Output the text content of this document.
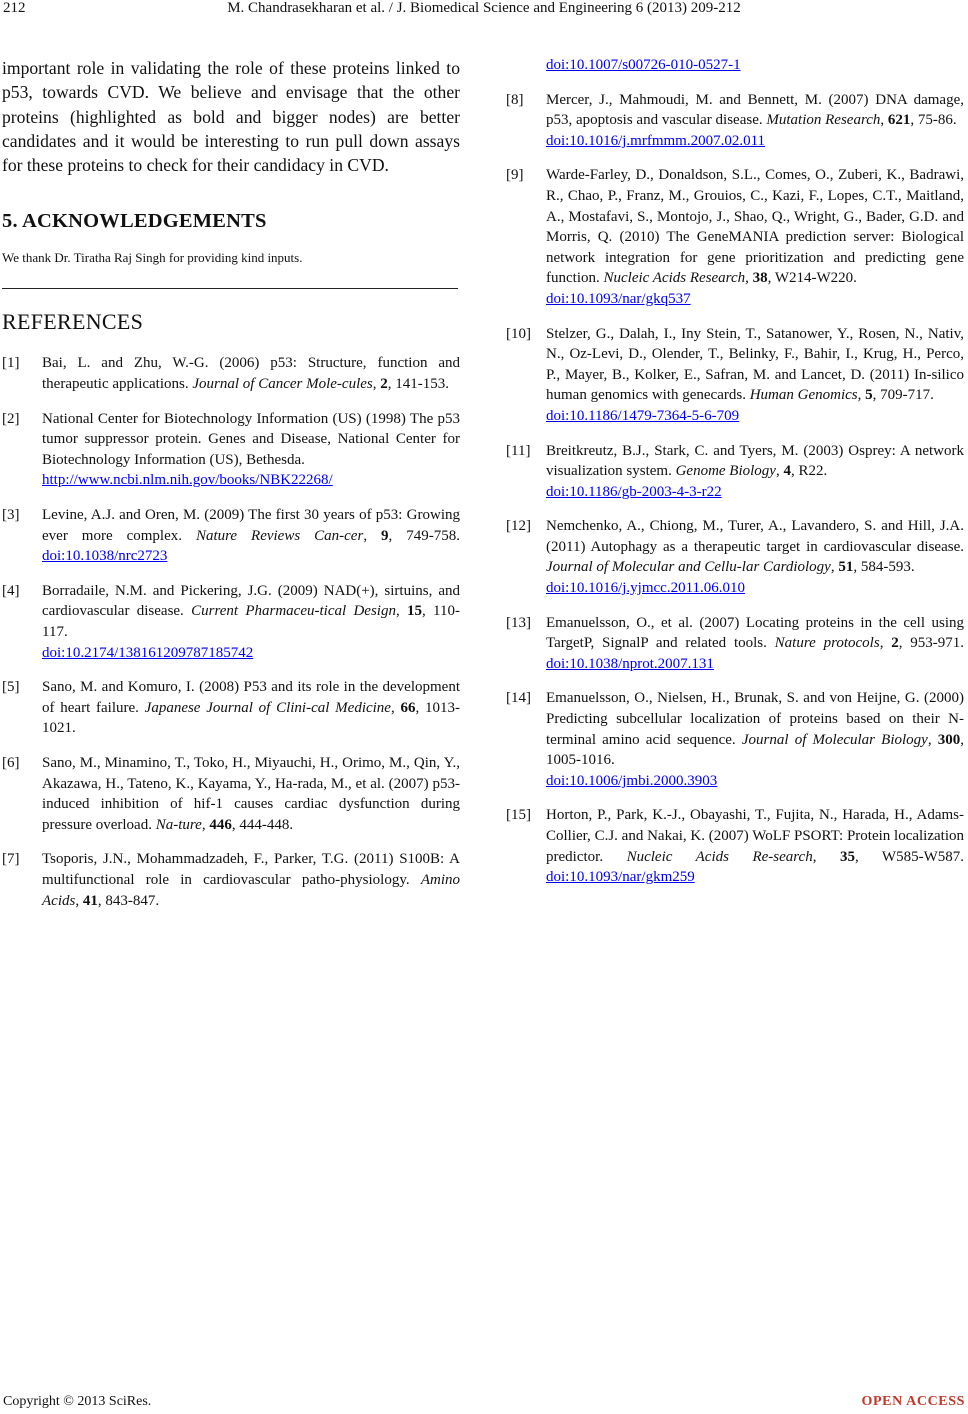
212	M. Chandrasekharan et al. / J. Biomedical Science and Engineering 6 (2013) 209-212

important role in validating the role of these proteins linked to p53, towards CVD. We believe and envisage that the other proteins (highlighted as bold and bigger nodes) are better candidates and it would be interesting to run pull down assays for these proteins to check for their candidacy in CVD.

5. ACKNOWLEDGEMENTS

We thank Dr. Tiratha Raj Singh for providing kind inputs.

REFERENCES
[1] Bai, L. and Zhu, W.-G. (2006) p53: Structure, function and therapeutic applications. Journal of Cancer Mole-cules, 2, 141-153.
[2] National Center for Biotechnology Information (US) (1998) The p53 tumor suppressor protein. Genes and Disease, National Center for Biotechnology Information (US), Bethesda.
http://www.ncbi.nlm.nih.gov/books/NBK22268/
[3] Levine, A.J. and Oren, M. (2009) The first 30 years of p53: Growing ever more complex. Nature Reviews Can-cer, 9, 749-758. doi:10.1038/nrc2723
[4] Borradaile, N.M. and Pickering, J.G. (2009) NAD(+), sirtuins, and cardiovascular disease. Current Pharmaceu-tical Design, 15, 110-117.
doi:10.2174/138161209787185742
[5] Sano, M. and Komuro, I. (2008) P53 and its role in the development of heart failure. Japanese Journal of Clini-cal Medicine, 66, 1013-1021.
[6] Sano, M., Minamino, T., Toko, H., Miyauchi, H., Orimo, M., Qin, Y., Akazawa, H., Tateno, K., Kayama, Y., Ha-rada, M., et al. (2007) p53-induced inhibition of hif-1 causes cardiac dysfunction during pressure overload. Na-ture, 446, 444-448.
[7] Tsoporis, J.N., Mohammadzadeh, F., Parker, T.G. (2011) S100B: A multifunctional role in cardiovascular patho-physiology. Amino Acids, 41, 843-847.
doi:10.1007/s00726-010-0527-1
[8] Mercer, J., Mahmoudi, M. and Bennett, M. (2007) DNA damage, p53, apoptosis and vascular disease. Mutation Research, 621, 75-86.
doi:10.1016/j.mrfmmm.2007.02.011
[9] Warde-Farley, D., Donaldson, S.L., Comes, O., Zuberi, K., Badrawi, R., Chao, P., Franz, M., Grouios, C., Kazi, F., Lopes, C.T., Maitland, A., Mostafavi, S., Montojo, J., Shao, Q., Wright, G., Bader, G.D. and Morris, Q. (2010) The GeneMANIA prediction server: Biological network integration for gene prioritization and predicting gene function. Nucleic Acids Research, 38, W214-W220.
doi:10.1093/nar/gkq537
[10] Stelzer, G., Dalah, I., Iny Stein, T., Satanower, Y., Rosen, N., Nativ, N., Oz-Levi, D., Olender, T., Belinky, F., Bahir, I., Krug, H., Perco, P., Mayer, B., Kolker, E., Safran, M. and Lancet, D. (2011) In-silico human genomics with genecards. Human Genomics, 5, 709-717.
doi:10.1186/1479-7364-5-6-709
[11] Breitkreutz, B.J., Stark, C. and Tyers, M. (2003) Osprey: A network visualization system. Genome Biology, 4, R22.
doi:10.1186/gb-2003-4-3-r22
[12] Nemchenko, A., Chiong, M., Turer, A., Lavandero, S. and Hill, J.A. (2011) Autophagy as a therapeutic target in cardiovascular disease. Journal of Molecular and Cellu-lar Cardiology, 51, 584-593.
doi:10.1016/j.yjmcc.2011.06.010
[13] Emanuelsson, O., et al. (2007) Locating proteins in the cell using TargetP, SignalP and related tools. Nature protocols, 2, 953-971. doi:10.1038/nprot.2007.131
[14] Emanuelsson, O., Nielsen, H., Brunak, S. and von Heijne, G. (2000) Predicting subcellular localization of proteins based on their N-terminal amino acid sequence. Journal of Molecular Biology, 300, 1005-1016.
doi:10.1006/jmbi.2000.3903
[15] Horton, P., Park, K.-J., Obayashi, T., Fujita, N., Harada, H., Adams-Collier, C.J. and Nakai, K. (2007) WoLF PSORT: Protein localization predictor. Nucleic Acids Re-search, 35, W585-W587. doi:10.1093/nar/gkm259
Copyright © 2013 SciRes.	OPEN ACCESS
